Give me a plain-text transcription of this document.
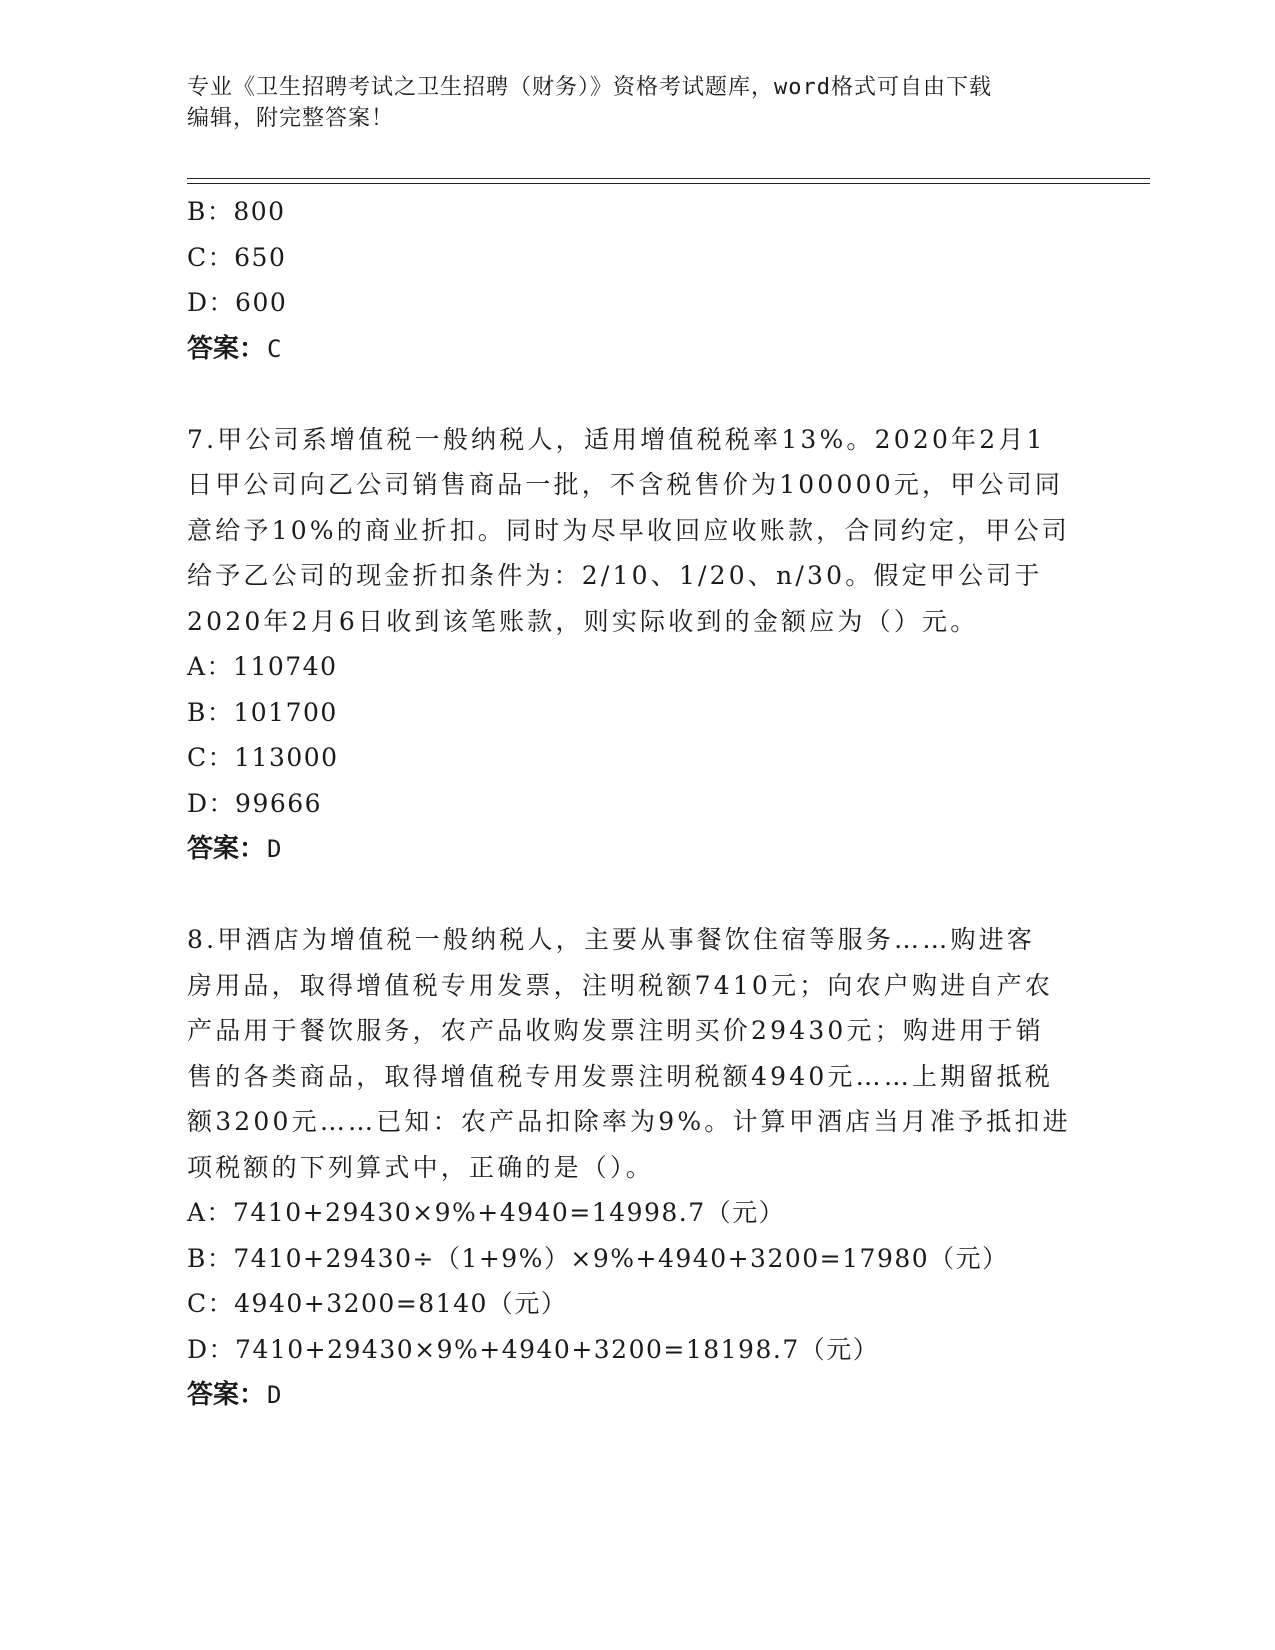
专业《卫生招聘考试之卫生招聘（财务）》资格考试题库，word格式可自由下载
编辑，附完整答案！
B：800
C：650
D：600
答案：C
7.甲公司系增值税一般纳税人，适用增值税税率13%。2020年2月1
日甲公司向乙公司销售商品一批，不含税售价为100000元，甲公司同
意给予10%的商业折扣。同时为尽早收回应收账款，合同约定，甲公司
给予乙公司的现金折扣条件为：2/10、1/20、n/30。假定甲公司于
2020年2月6日收到该笔账款，则实际收到的金额应为（）元。
A：110740
B：101700
C：113000
D：99666
答案：D
8.甲酒店为增值税一般纳税人，主要从事餐饮住宿等服务……购进客
房用品，取得增值税专用发票，注明税额7410元；向农户购进自产农
产品用于餐饮服务，农产品收购发票注明买价29430元；购进用于销
售的各类商品，取得增值税专用发票注明税额4940元……上期留抵税
额3200元……已知：农产品扣除率为9%。计算甲酒店当月准予抵扣进
项税额的下列算式中，正确的是（）。
A：7410+29430×9%+4940=14998.7（元）
B：7410+29430÷（1+9%）×9%+4940+3200=17980（元）
C：4940+3200=8140（元）
D：7410+29430×9%+4940+3200=18198.7（元）
答案：D
